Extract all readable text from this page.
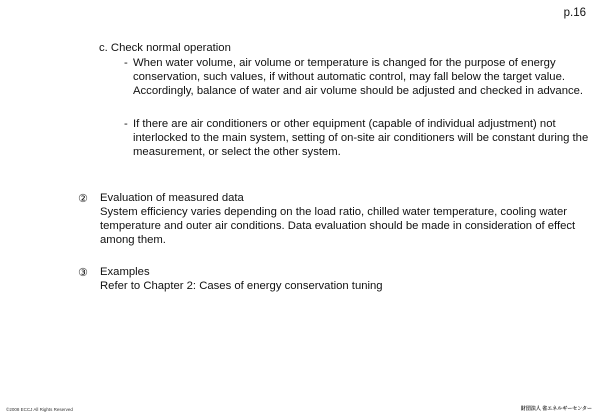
p.16
c. Check normal operation
- When water volume, air volume or temperature is changed for the purpose of energy conservation, such values, if without automatic control, may fall below the target value. Accordingly, balance of water and air volume should be adjusted and checked in advance.
- If there are air conditioners or other equipment (capable of individual adjustment) not interlocked to the main system, setting of on-site air conditioners will be constant during the measurement, or select the other system.
②	Evaluation of measured data
System efficiency varies depending on the load ratio, chilled water temperature, cooling water temperature and outer air conditions. Data evaluation should be made in consideration of effect among them.
③	Examples
Refer to Chapter 2: Cases of energy conservation tuning
©2008 ECCJ All Rights Reserved	財団法人 省エネルギーセンター
